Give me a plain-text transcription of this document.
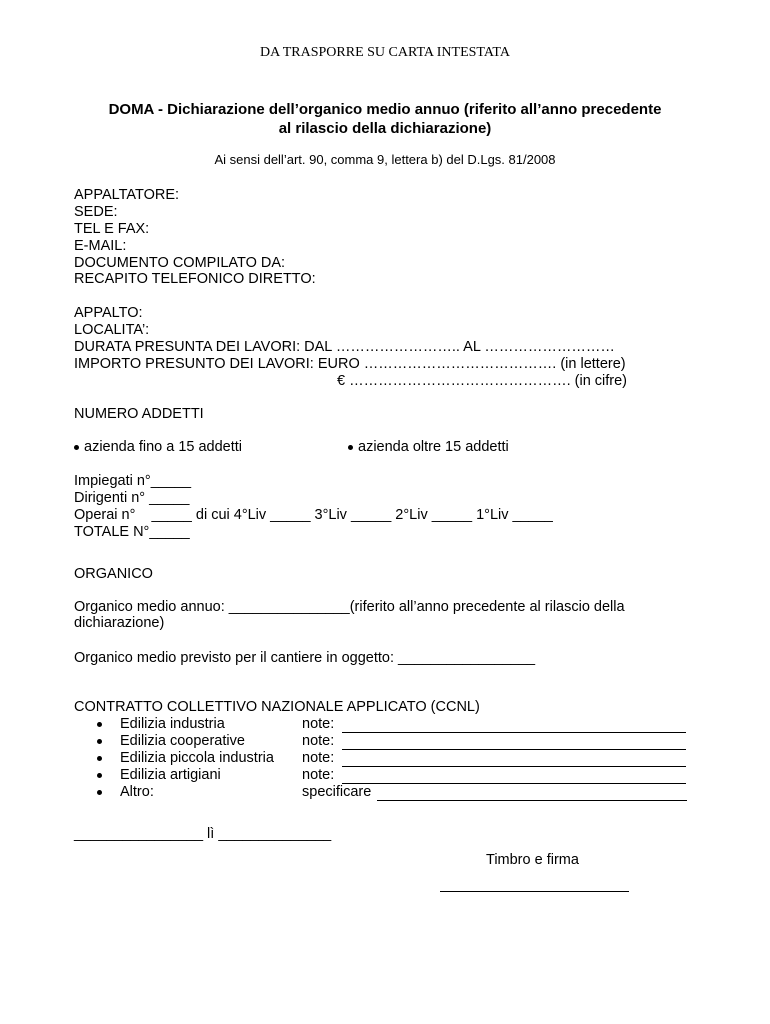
DA TRASPORRE SU CARTA INTESTATA
DOMA - Dichiarazione dell’organico medio annuo (riferito all’anno precedente
al rilascio della dichiarazione)
Ai sensi dell’art. 90, comma 9, lettera b) del D.Lgs. 81/2008
APPALTATORE:
SEDE:
TEL E FAX:
E-MAIL:
DOCUMENTO COMPILATO DA:
RECAPITO TELEFONICO DIRETTO:
APPALTO:
LOCALITA’:
DURATA PRESUNTA DEI LAVORI: DAL …………………….. AL ………………………
IMPORTO PRESUNTO DEI LAVORI: EURO …………………………………. (in lettere)
€ ………………………………………. (in cifre)
NUMERO ADDETTI
azienda fino a 15 addetti	azienda oltre 15 addetti
Impiegati n°_____
Dirigenti n° _____
Operai n°    _____ di cui 4°Liv _____ 3°Liv _____ 2°Liv _____ 1°Liv _____
TOTALE N°_____
ORGANICO
Organico medio annuo: _______________(riferito all’anno precedente al rilascio della
dichiarazione)
Organico medio previsto per il cantiere in oggetto: _________________
CONTRATTO COLLETTIVO NAZIONALE APPLICATO (CCNL)
Edilizia industria	note:
Edilizia cooperative	note:
Edilizia piccola industria note:
Edilizia artigiani	note:
Altro:	specificare
________________ lì ______________
Timbro e firma
